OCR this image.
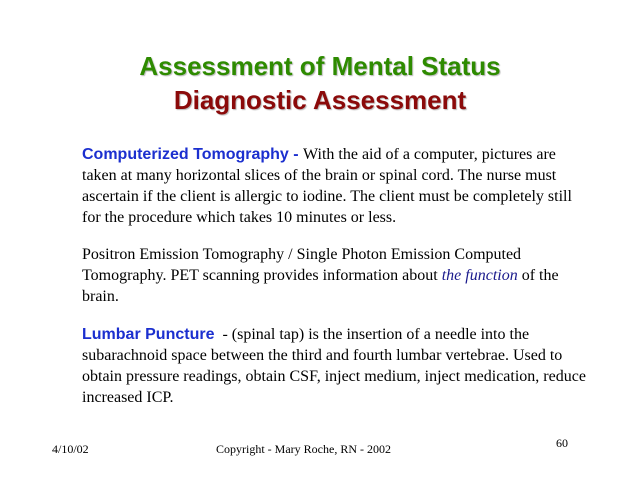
Assessment of Mental Status
Diagnostic Assessment
Computerized Tomography - With the aid of a computer, pictures are taken at many horizontal slices of the brain or spinal cord. The nurse must ascertain if the client is allergic to iodine. The client must be completely still for the procedure which takes 10 minutes or less.
Positron Emission Tomography / Single Photon Emission Computed Tomography. PET scanning provides information about the function of the brain.
Lumbar Puncture  - (spinal tap) is the insertion of a needle into the subarachnoid space between the third and fourth lumbar vertebrae. Used to obtain pressure readings, obtain CSF, inject medium, inject medication, reduce increased ICP.
4/10/02	Copyright - Mary Roche, RN - 2002	60
